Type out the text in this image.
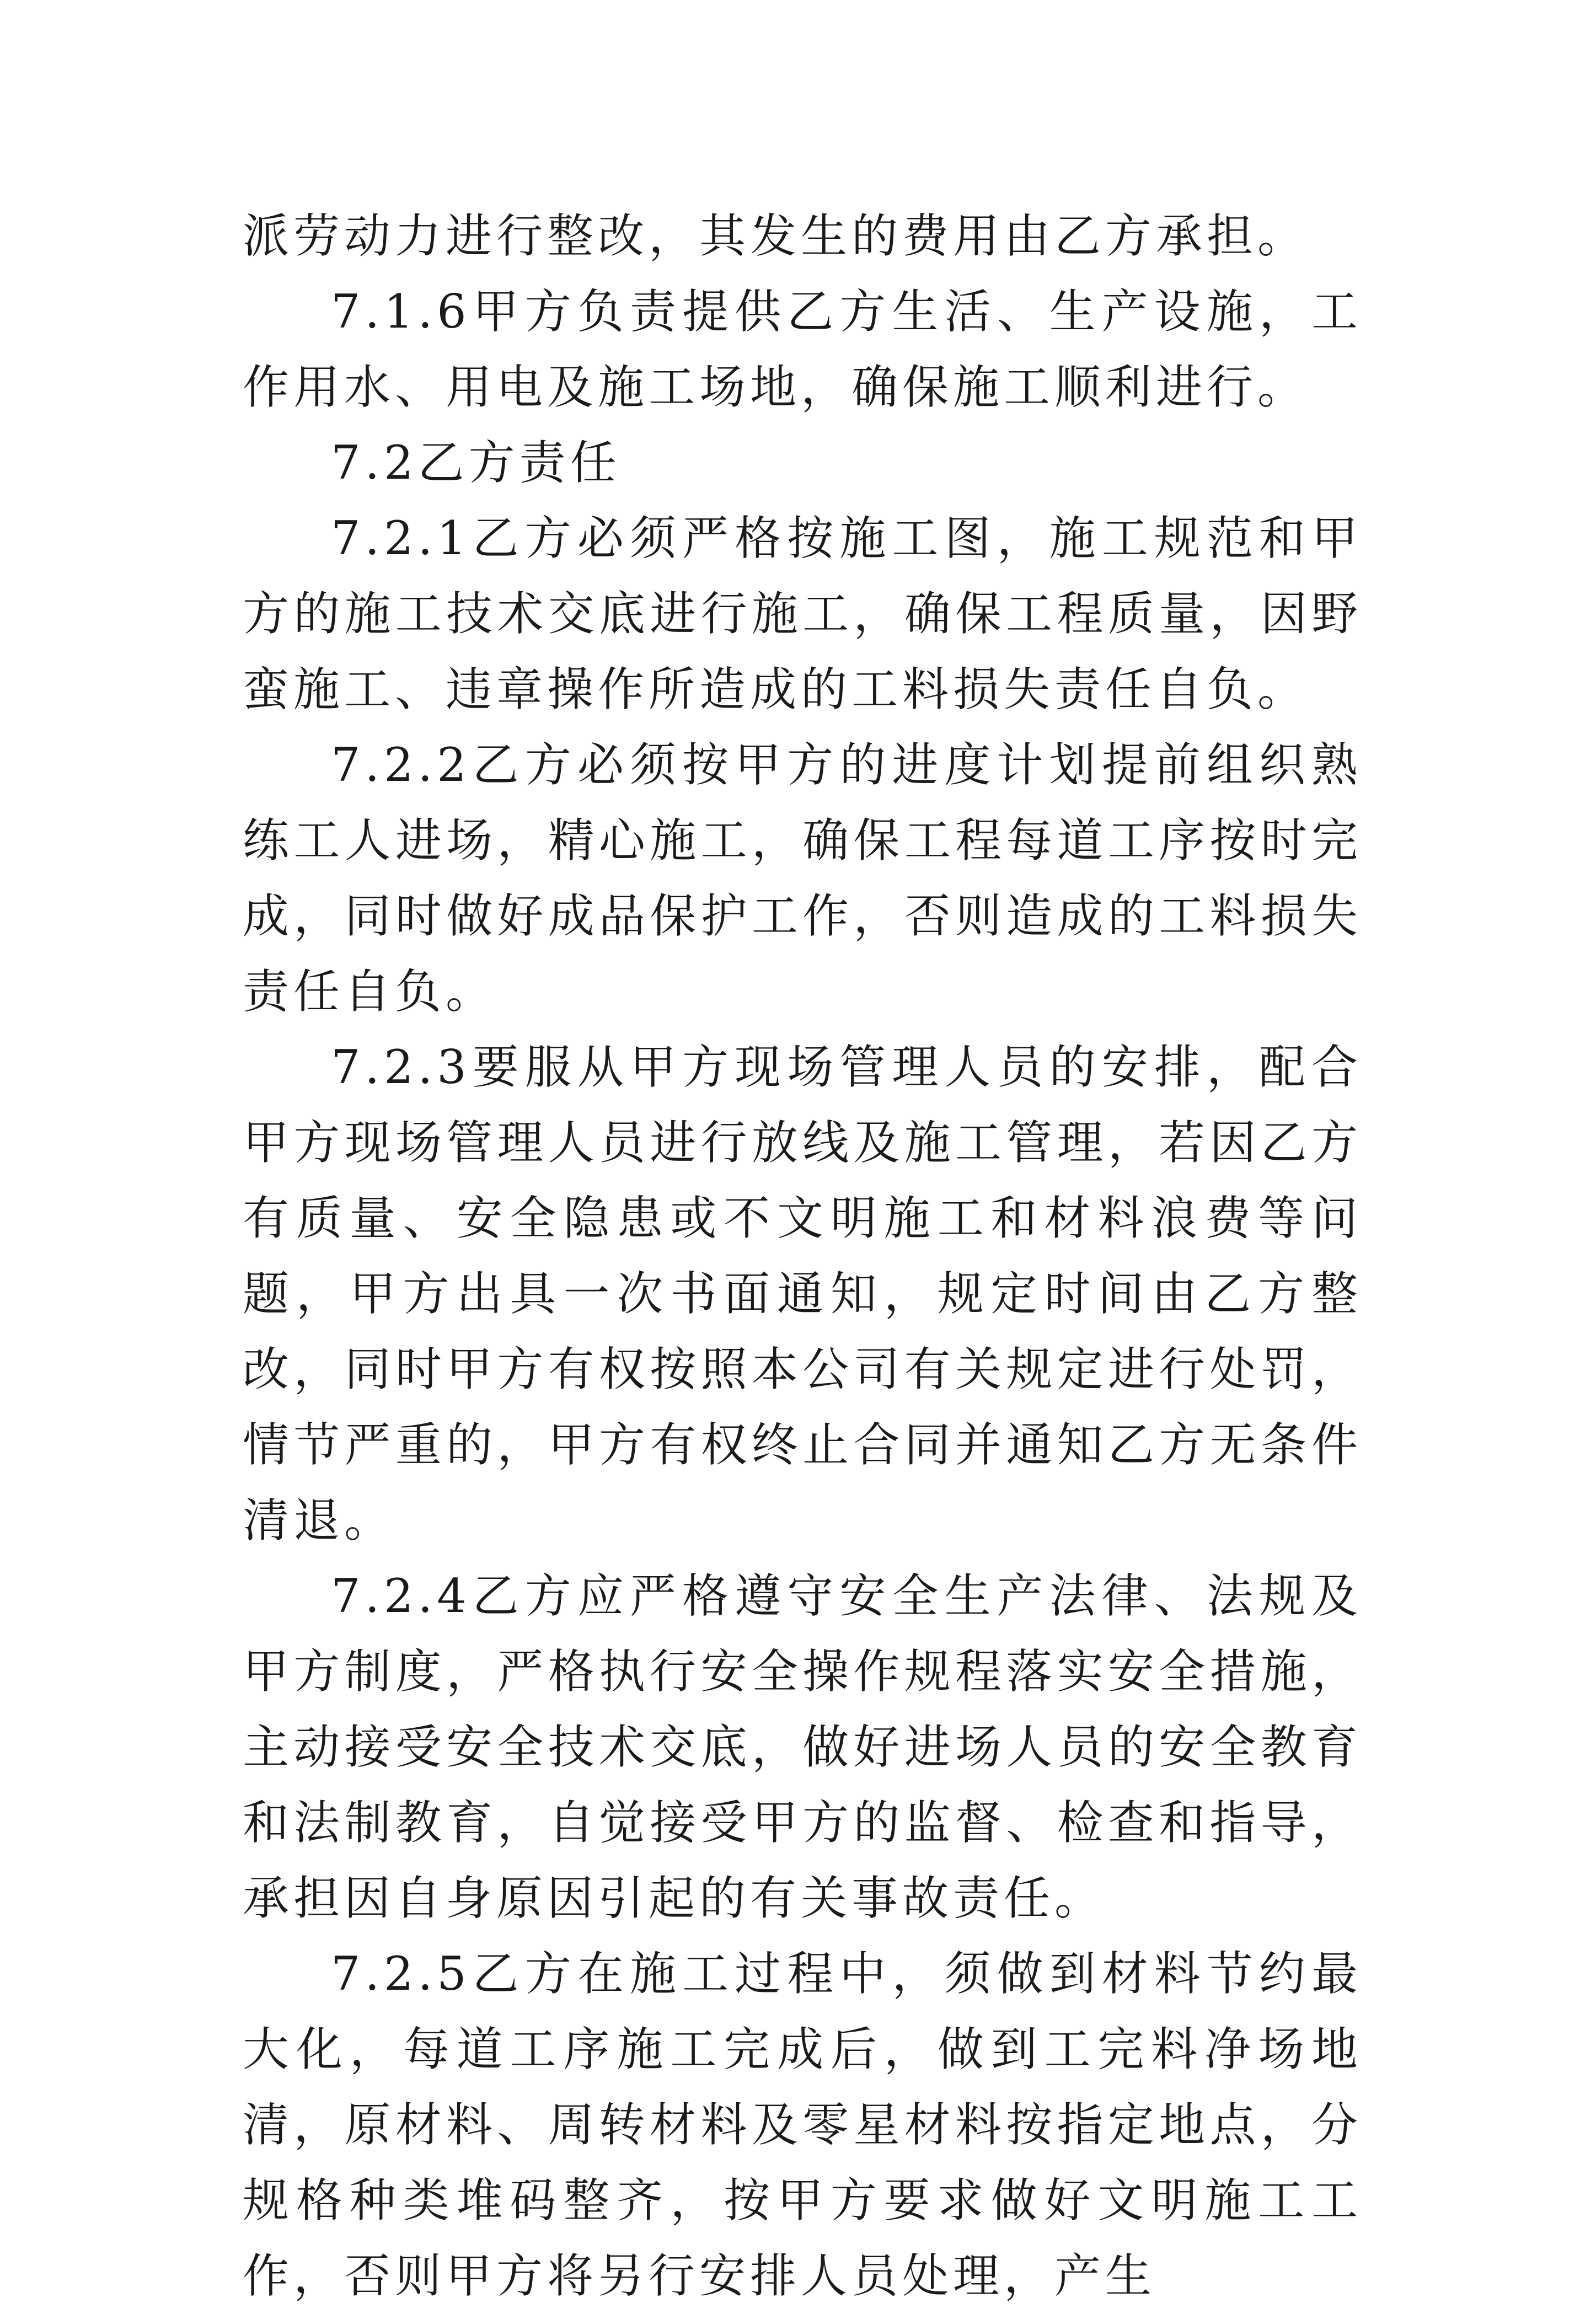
派劳动力进行整改，其发生的费用由乙方承担。

7.1.6甲方负责提供乙方生活、生产设施，工作用水、用电及施工场地，确保施工顺利进行。

7.2乙方责任

7.2.1乙方必须严格按施工图，施工规范和甲方的施工技术交底进行施工，确保工程质量，因野蛮施工、违章操作所造成的工料损失责任自负。

7.2.2乙方必须按甲方的进度计划提前组织熟练工人进场，精心施工，确保工程每道工序按时完成，同时做好成品保护工作，否则造成的工料损失责任自负。

7.2.3要服从甲方现场管理人员的安排，配合甲方现场管理人员进行放线及施工管理，若因乙方有质量、安全隐患或不文明施工和材料浪费等问题，甲方出具一次书面通知，规定时间由乙方整改，同时甲方有权按照本公司有关规定进行处罚，情节严重的，甲方有权终止合同并通知乙方无条件清退。

7.2.4乙方应严格遵守安全生产法律、法规及甲方制度，严格执行安全操作规程落实安全措施，主动接受安全技术交底，做好进场人员的安全教育和法制教育，自觉接受甲方的监督、检查和指导，承担因自身原因引起的有关事故责任。

7.2.5乙方在施工过程中，须做到材料节约最大化，每道工序施工完成后，做到工完料净场地清，原材料、周转材料及零星材料按指定地点，分规格种类堆码整齐，按甲方要求做好文明施工工作，否则甲方将另行安排人员处理，产生
